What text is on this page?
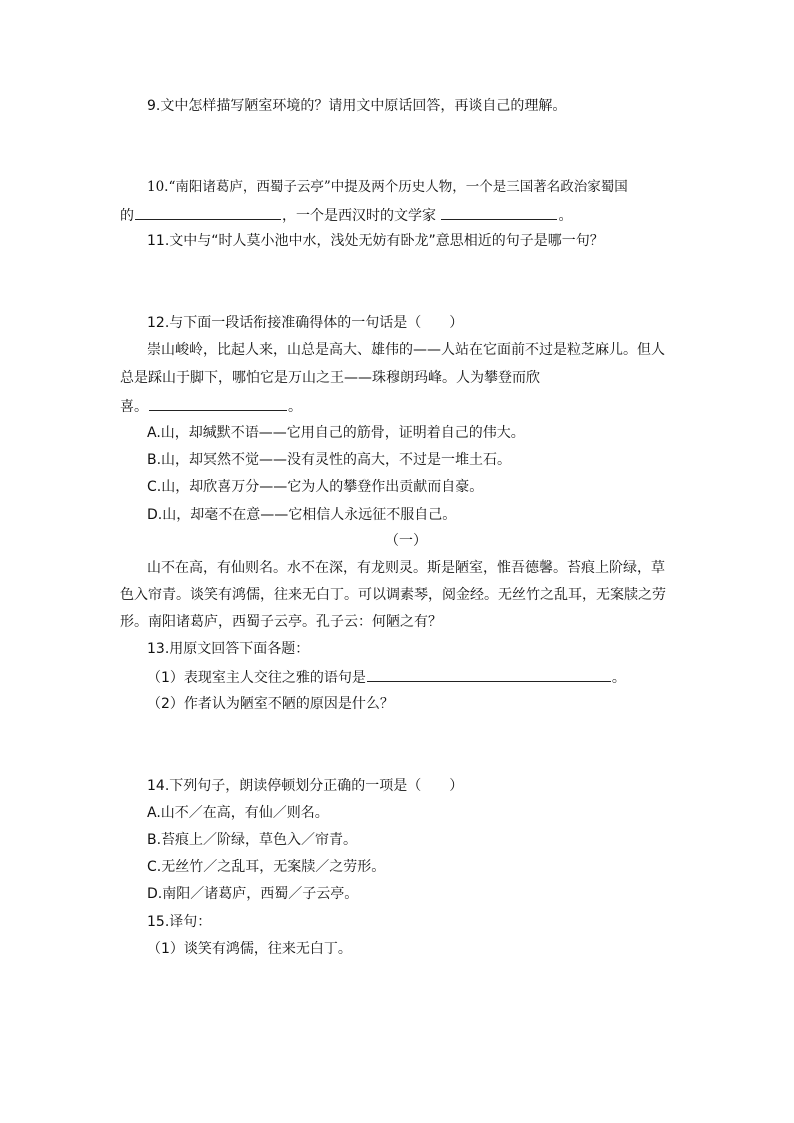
9.文中怎样描写陋室环境的？请用文中原话回答，再谈自己的理解。
10.“南阳诸葛庐，西蜀子云亭”中提及两个历史人物，一个是三国著名政治家蜀国
的	，一个是西汉时的文学家	。
11.文中与“时人莫小池中水，浅处无妨有卧龙”意思相近的句子是哪一句？
12.与下面一段话衔接准确得体的一句话是（　　）
崇山峻岭，比起人来，山总是高大、雄伟的——人站在它面前不过是粒芝麻儿。但人
总是踩山于脚下，哪怕它是万山之王——珠穆朗玛峰。人为攀登而欣
喜。	。
A.山，却缄默不语——它用自己的筋骨，证明着自己的伟大。
B.山，却冥然不觉——没有灵性的高大，不过是一堆土石。
C.山，却欣喜万分——它为人的攀登作出贡献而自豪。
D.山，却毫不在意——它相信人永远征不服自己。
（一）
山不在高，有仙则名。水不在深，有龙则灵。斯是陋室，惟吾德馨。苔痕上阶绿，草
色入帘青。谈笑有鸿儒，往来无白丁。可以调素琴，阅金经。无丝竹之乱耳，无案牍之劳
形。南阳诸葛庐，西蜀子云亭。孔子云：何陋之有？
13.用原文回答下面各题：
（1）表现室主人交往之雅的语句是	。
（2）作者认为陋室不陋的原因是什么？
14.下列句子，朗读停顿划分正确的一项是（　　）
A.山不／在高，有仙／则名。
B.苔痕上／阶绿，草色入／帘青。
C.无丝竹／之乱耳，无案牍／之劳形。
D.南阳／诸葛庐，西蜀／子云亭。
15.译句：
（1）谈笑有鸿儒，往来无白丁。
